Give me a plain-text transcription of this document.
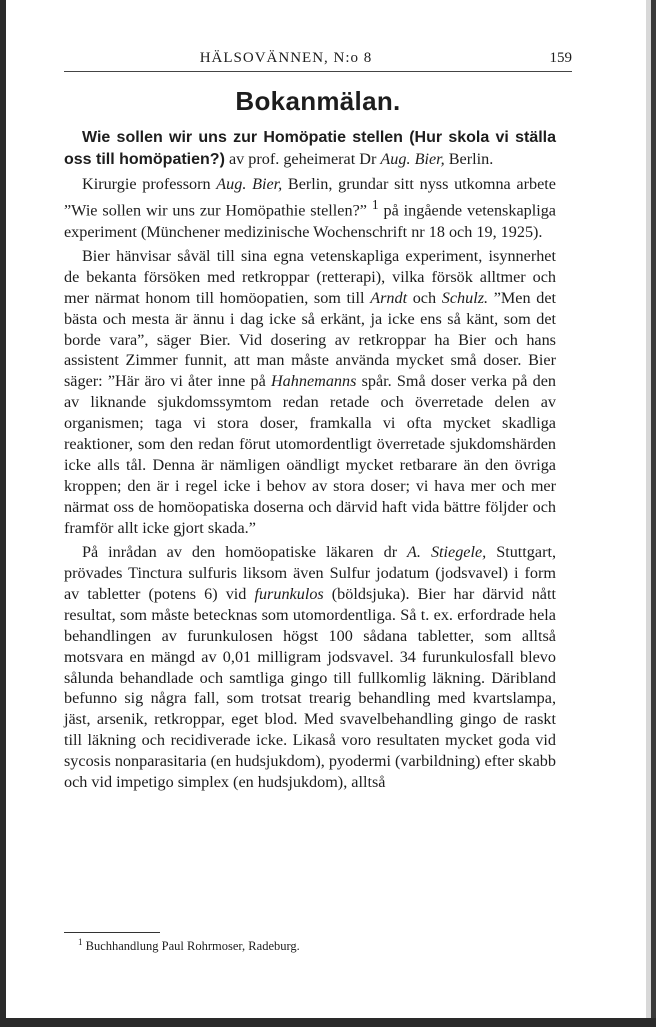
HÄLSOVÄNNEN, N:o 8	159
Bokanmälan.

Wie sollen wir uns zur Homöpatie stellen (Hur skola vi ställa oss till homöpatien?) av prof. geheimerat Dr Aug. Bier, Berlin.

Kirurgie professorn Aug. Bier, Berlin, grundar sitt nyss utkomna arbete ”Wie sollen wir uns zur Homöpathie stellen?” $^1$ på ingående vetenskapliga experiment (Münchener medizinische Wochenschrift nr 18 och 19, 1925).

Bier hänvisar såväl till sina egna vetenskapliga experiment, isynnerhet de bekanta försöken med retkroppar (retterapi), vilka försök alltmer och mer närmat honom till homöopatien, som till Arndt och Schulz. ”Men det bästa och mesta är ännu i dag icke så erkänt, ja icke ens så känt, som det borde vara”, säger Bier. Vid dosering av retkroppar ha Bier och hans assistent Zimmer funnit, att man måste använda mycket små doser. Bier säger: ”Här äro vi åter inne på Hahnemanns spår. Små doser verka på den av liknande sjukdomssymtom redan retade och överretade delen av organismen; taga vi stora doser, framkalla vi ofta mycket skadliga reaktioner, som den redan förut utomordentligt överretade sjukdomshärden icke alls tål. Denna är nämligen oändligt mycket retbarare än den övriga kroppen; den är i regel icke i behov av stora doser; vi hava mer och mer närmat oss de homöopatiska doserna och därvid haft vida bättre följder och framför allt icke gjort skada.”

På inrådan av den homöopatiske läkaren dr A. Stiegele, Stuttgart, prövades Tinctura sulfuris liksom även Sulfur jodatum (jodsvavel) i form av tabletter (potens 6) vid furunkulos (böldsjuka). Bier har därvid nått resultat, som måste betecknas som utomordentliga. Så t. ex. erfordrade hela behandlingen av furunkulosen högst 100 sådana tabletter, som alltså motsvara en mängd av 0,01 milligram jodsvavel. 34 furunkulosfall blevo sålunda behandlade och samtliga gingo till fullkomlig läkning. Däribland befunno sig några fall, som trotsat trearig behandling med kvartslampa, jäst, arsenik, retkroppar, eget blod. Med svavelbehandling gingo de raskt till läkning och recidiverade icke. Likaså voro resultaten mycket goda vid sycosis nonparasitaria (en hudsjukdom), pyodermi (varbildning) efter skabb och vid impetigo simplex (en hudsjukdom), alltså

$^1$ Buchhandlung Paul Rohrmoser, Radeburg.
